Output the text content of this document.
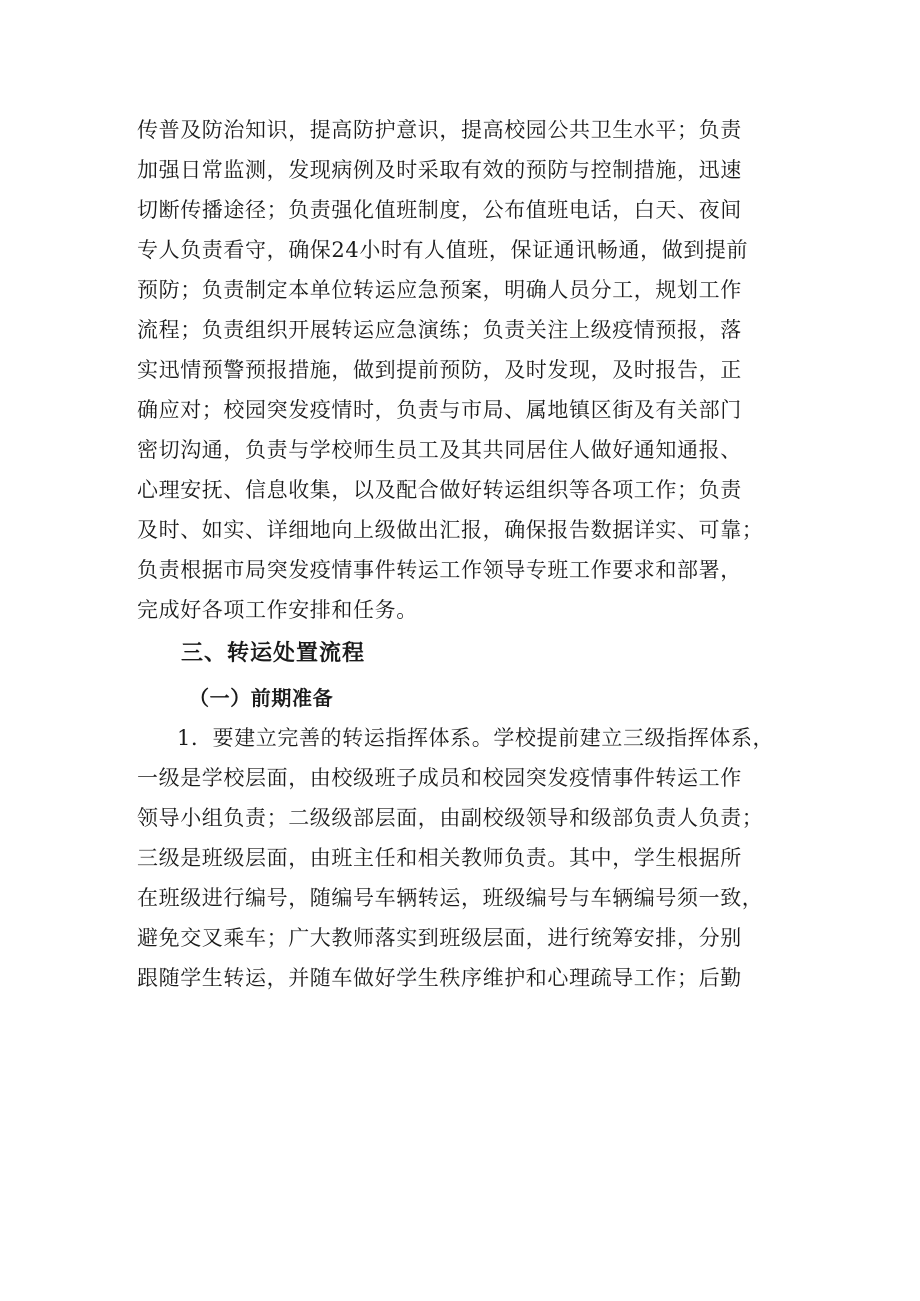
传普及防治知识，提高防护意识，提高校园公共卫生水平；负责
加强日常监测，发现病例及时采取有效的预防与控制措施，迅速
切断传播途径；负责强化值班制度，公布值班电话，白天、夜间
专人负责看守，确保24小时有人值班，保证通讯畅通，做到提前
预防；负责制定本单位转运应急预案，明确人员分工，规划工作
流程；负责组织开展转运应急演练；负责关注上级疫情预报，落
实迅情预警预报措施，做到提前预防，及时发现，及时报告，正
确应对；校园突发疫情时，负责与市局、属地镇区街及有关部门
密切沟通，负责与学校师生员工及其共同居住人做好通知通报、
心理安抚、信息收集，以及配合做好转运组织等各项工作；负责
及时、如实、详细地向上级做出汇报，确保报告数据详实、可靠；
负责根据市局突发疫情事件转运工作领导专班工作要求和部署，
完成好各项工作安排和任务。
三、转运处置流程
（一）前期准备
1．要建立完善的转运指挥体系。学校提前建立三级指挥体系，
一级是学校层面，由校级班子成员和校园突发疫情事件转运工作
领导小组负责；二级级部层面，由副校级领导和级部负责人负责；
三级是班级层面，由班主任和相关教师负责。其中，学生根据所
在班级进行编号，随编号车辆转运，班级编号与车辆编号须一致，
避免交叉乘车；广大教师落实到班级层面，进行统筹安排，分别
跟随学生转运，并随车做好学生秩序维护和心理疏导工作；后勤
